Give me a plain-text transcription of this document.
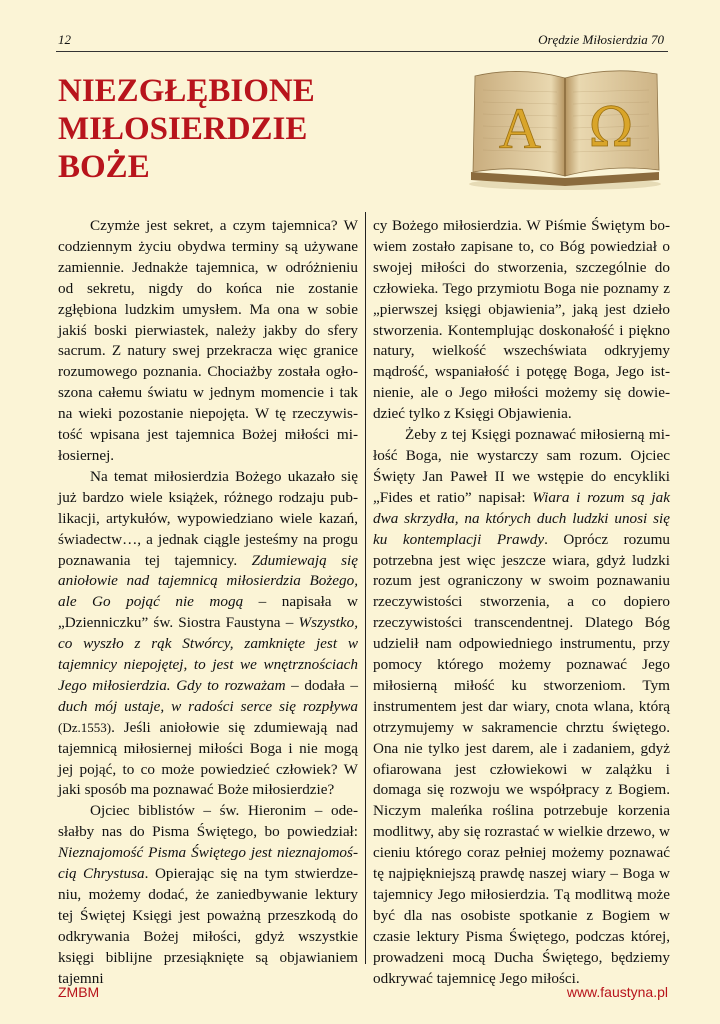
12	Orędzie Miłosierdzia 70
NIEZGŁĘBIONE
MIŁOSIERDZIE
BOŻE
A Ω

Czymże jest sekret, a czym tajemnica? W codziennym życiu obydwa terminy są używane zamiennie. Jednakże tajemnica, w odróżnieniu od sekretu, nigdy do końca nie zostanie zgłębiona ludzkim umysłem. Ma ona w sobie jakiś boski pierwiastek, należy jakby do sfery sacrum. Z natury swej przekracza więc granice rozumowego poznania. Chociażby została ogłoszona całemu światu w jednym momencie i tak na wieki pozostanie niepojęta. W tę rzeczywistość wpisana jest tajemnica Bożej miłości miłosiernej.

Na temat miłosierdzia Bożego ukazało się już bardzo wiele książek, różnego rodzaju publikacji, artykułów, wypowiedziano wiele kazań, świadectw…, a jednak ciągle jesteśmy na progu poznawania tej tajemnicy. Zdumiewają się aniołowie nad tajemnicą miłosierdzia Bożego, ale Go pojąć nie mogą – napisała w „Dzienniczku” św. Siostra Faustyna – Wszystko, co wyszło z rąk Stwórcy, zamknięte jest w tajemnicy niepojętej, to jest we wnętrznościach Jego miłosierdzia. Gdy to rozważam – dodała – duch mój ustaje, w radości serce się rozpływa (Dz.1553). Jeśli aniołowie się zdumiewają nad tajemnicą miłosiernej miłości Boga i nie mogą jej pojąć, to co może powiedzieć człowiek? W jaki sposób ma poznawać Boże miłosierdzie?

Ojciec biblistów – św. Hieronim – odesłałby nas do Pisma Świętego, bo powiedział: Nieznajomość Pisma Świętego jest nieznajomością Chrystusa. Opierając się na tym stwierdzeniu, możemy dodać, że zaniedbywanie lektury tej Świętej Księgi jest poważną przeszkodą do odkrywania Bożej miłości, gdyż wszystkie księgi biblijne przesiąknięte są objawianiem tajemni

cy Bożego miłosierdzia. W Piśmie Świętym bowiem zostało zapisane to, co Bóg powiedział o swojej miłości do stworzenia, szczególnie do człowieka. Tego przymiotu Boga nie poznamy z „pierwszej księgi objawienia”, jaką jest dzieło stworzenia. Kontemplując doskonałość i piękno natury, wielkość wszechświata odkryjemy mądrość, wspaniałość i potęgę Boga, Jego istnienie, ale o Jego miłości możemy się dowiedzieć tylko z Księgi Objawienia.

Żeby z tej Księgi poznawać miłosierną miłość Boga, nie wystarczy sam rozum. Ojciec Święty Jan Paweł II we wstępie do encykliki „Fides et ratio” napisał: Wiara i rozum są jak dwa skrzydła, na których duch ludzki unosi się ku kontemplacji Prawdy. Oprócz rozumu potrzebna jest więc jeszcze wiara, gdyż ludzki rozum jest ograniczony w swoim poznawaniu rzeczywistości stworzenia, a co dopiero rzeczywistości transcendentnej. Dlatego Bóg udzielił nam odpowiedniego instrumentu, przy pomocy którego możemy poznawać Jego miłosierną miłość ku stworzeniom. Tym instrumentem jest dar wiary, cnota wlana, którą otrzymujemy w sakramencie chrztu świętego. Ona nie tylko jest darem, ale i zadaniem, gdyż ofiarowana jest człowiekowi w zalążku i domaga się rozwoju we współpracy z Bogiem. Niczym maleńka roślina potrzebuje korzenia modlitwy, aby się rozrastać w wielkie drzewo, w cieniu którego coraz pełniej możemy poznawać tę najpiękniejszą prawdę naszej wiary – Boga w tajemnicy Jego miłosierdzia. Tą modlitwą może być dla nas osobiste spotkanie z Bogiem w czasie lektury Pisma Świętego, podczas której, prowadzeni mocą Ducha Świętego, będziemy odkrywać tajemnicę Jego miłości.

ZMBM	www.faustyna.pl
